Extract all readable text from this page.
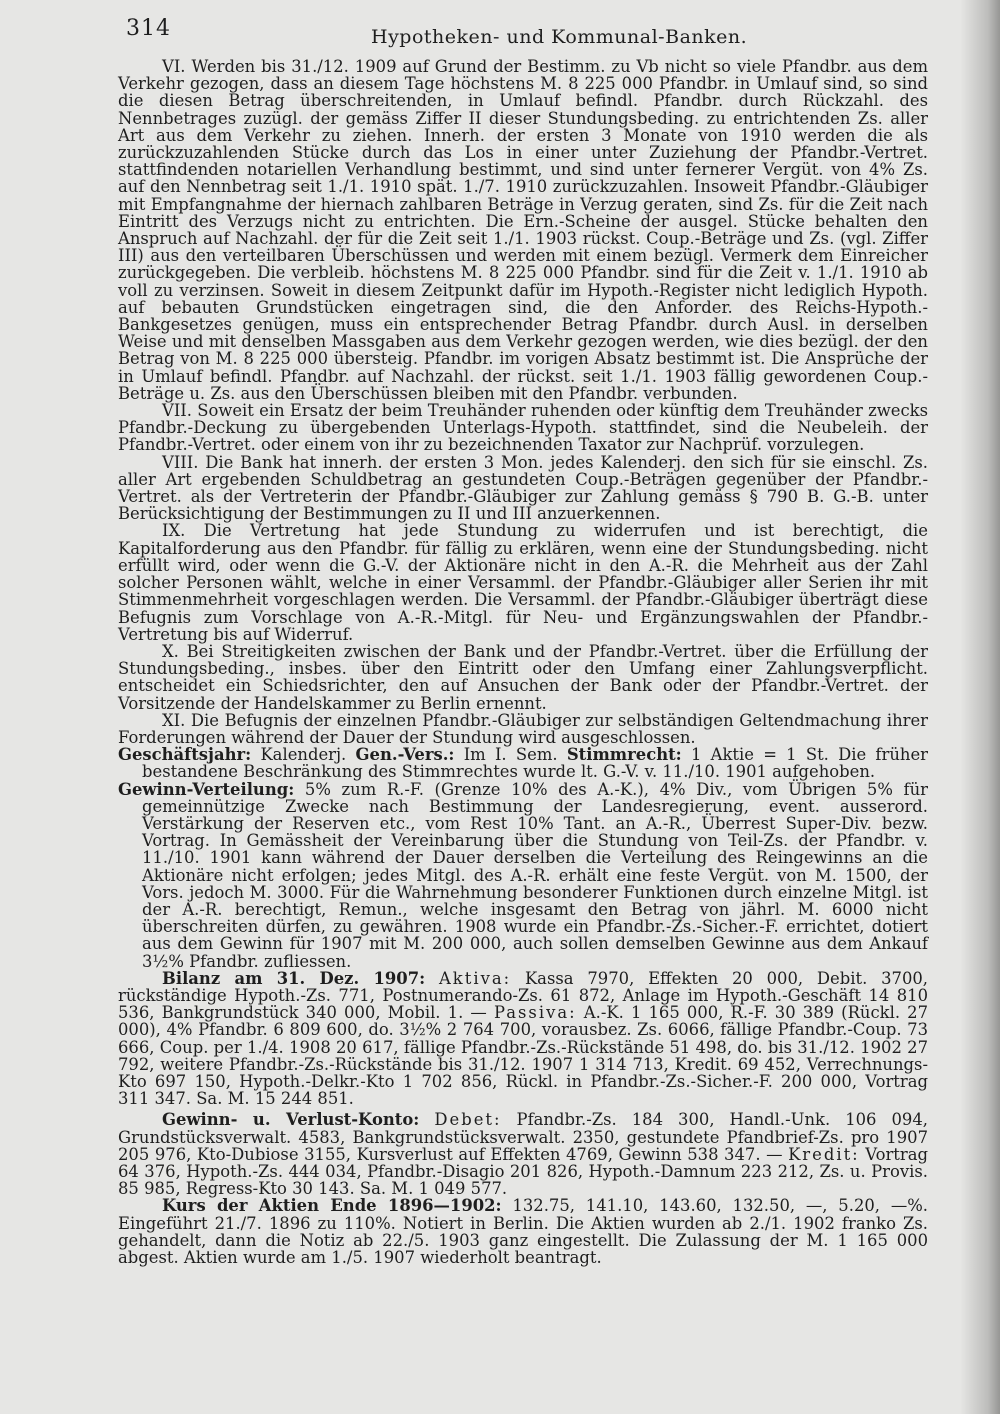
314	Hypotheken- und Kommunal-Banken.

VI. Werden bis 31./12. 1909 auf Grund der Bestimm. zu Vb nicht so viele Pfandbr. aus dem Verkehr gezogen, dass an diesem Tage höchstens M. 8 225 000 Pfandbr. in Umlauf sind, so sind die diesen Betrag überschreitenden, in Umlauf befindl. Pfandbr. durch Rückzahl. des Nennbetrages zuzügl. der gemäss Ziffer II dieser Stundungsbeding. zu entrichtenden Zs. aller Art aus dem Verkehr zu ziehen. Innerh. der ersten 3 Monate von 1910 werden die als zurückzuzahlenden Stücke durch das Los in einer unter Zuziehung der Pfandbr.-Vertret. stattfindenden notariellen Verhandlung bestimmt, und sind unter fernerer Vergüt. von 4% Zs. auf den Nennbetrag seit 1./1. 1910 spät. 1./7. 1910 zurückzuzahlen. Insoweit Pfandbr.-Gläubiger mit Empfangnahme der hiernach zahlbaren Beträge in Verzug geraten, sind Zs. für die Zeit nach Eintritt des Verzugs nicht zu entrichten. Die Ern.-Scheine der ausgel. Stücke behalten den Anspruch auf Nachzahl. der für die Zeit seit 1./1. 1903 rückst. Coup.-Beträge und Zs. (vgl. Ziffer III) aus den verteilbaren Überschüssen und werden mit einem bezügl. Vermerk dem Einreicher zurückgegeben. Die verbleib. höchstens M. 8 225 000 Pfandbr. sind für die Zeit v. 1./1. 1910 ab voll zu verzinsen. Soweit in diesem Zeitpunkt dafür im Hypoth.-Register nicht lediglich Hypoth. auf bebauten Grundstücken eingetragen sind, die den Anforder. des Reichs-Hypoth.-Bankgesetzes genügen, muss ein entsprechender Betrag Pfandbr. durch Ausl. in derselben Weise und mit denselben Massgaben aus dem Verkehr gezogen werden, wie dies bezügl. der den Betrag von M. 8 225 000 übersteig. Pfandbr. im vorigen Absatz bestimmt ist. Die Ansprüche der in Umlauf befindl. Pfandbr. auf Nachzahl. der rückst. seit 1./1. 1903 fällig gewordenen Coup.-Beträge u. Zs. aus den Überschüssen bleiben mit den Pfandbr. verbunden.

VII. Soweit ein Ersatz der beim Treuhänder ruhenden oder künftig dem Treuhänder zwecks Pfandbr.-Deckung zu übergebenden Unterlags-Hypoth. stattfindet, sind die Neubeleih. der Pfandbr.-Vertret. oder einem von ihr zu bezeichnenden Taxator zur Nachprüf. vorzulegen.

VIII. Die Bank hat innerh. der ersten 3 Mon. jedes Kalenderj. den sich für sie einschl. Zs. aller Art ergebenden Schuldbetrag an gestundeten Coup.-Beträgen gegenüber der Pfandbr.-Vertret. als der Vertreterin der Pfandbr.-Gläubiger zur Zahlung gemäss § 790 B. G.-B. unter Berücksichtigung der Bestimmungen zu II und III anzuerkennen.

IX. Die Vertretung hat jede Stundung zu widerrufen und ist berechtigt, die Kapitalforderung aus den Pfandbr. für fällig zu erklären, wenn eine der Stundungsbeding. nicht erfüllt wird, oder wenn die G.-V. der Aktionäre nicht in den A.-R. die Mehrheit aus der Zahl solcher Personen wählt, welche in einer Versamml. der Pfandbr.-Gläubiger aller Serien ihr mit Stimmenmehrheit vorgeschlagen werden. Die Versamml. der Pfandbr.-Gläubiger überträgt diese Befugnis zum Vorschlage von A.-R.-Mitgl. für Neu- und Ergänzungswahlen der Pfandbr.-Vertretung bis auf Widerruf.

X. Bei Streitigkeiten zwischen der Bank und der Pfandbr.-Vertret. über die Erfüllung der Stundungsbeding., insbes. über den Eintritt oder den Umfang einer Zahlungsverpflicht. entscheidet ein Schiedsrichter, den auf Ansuchen der Bank oder der Pfandbr.-Vertret. der Vorsitzende der Handelskammer zu Berlin ernennt.

XI. Die Befugnis der einzelnen Pfandbr.-Gläubiger zur selbständigen Geltendmachung ihrer Forderungen während der Dauer der Stundung wird ausgeschlossen.

Geschäftsjahr: Kalenderj. Gen.-Vers.: Im I. Sem. Stimmrecht: 1 Aktie = 1 St. Die früher bestandene Beschränkung des Stimmrechtes wurde lt. G.-V. v. 11./10. 1901 aufgehoben.

Gewinn-Verteilung: 5% zum R.-F. (Grenze 10% des A.-K.), 4% Div., vom Übrigen 5% für gemeinnützige Zwecke nach Bestimmung der Landesregierung, event. ausserord. Verstärkung der Reserven etc., vom Rest 10% Tant. an A.-R., Überrest Super-Div. bezw. Vortrag. In Gemässheit der Vereinbarung über die Stundung von Teil-Zs. der Pfandbr. v. 11./10. 1901 kann während der Dauer derselben die Verteilung des Reingewinns an die Aktionäre nicht erfolgen; jedes Mitgl. des A.-R. erhält eine feste Vergüt. von M. 1500, der Vors. jedoch M. 3000. Für die Wahrnehmung besonderer Funktionen durch einzelne Mitgl. ist der A.-R. berechtigt, Remun., welche insgesamt den Betrag von jährl. M. 6000 nicht überschreiten dürfen, zu gewähren. 1908 wurde ein Pfandbr.-Zs.-Sicher.-F. errichtet, dotiert aus dem Gewinn für 1907 mit M. 200 000, auch sollen demselben Gewinne aus dem Ankauf 3½% Pfandbr. zufliessen.

Bilanz am 31. Dez. 1907: Aktiva: Kassa 7970, Effekten 20 000, Debit. 3700, rückständige Hypoth.-Zs. 771, Postnumerando-Zs. 61 872, Anlage im Hypoth.-Geschäft 14 810 536, Bankgrundstück 340 000, Mobil. 1. — Passiva: A.-K. 1 165 000, R.-F. 30 389 (Rückl. 27 000), 4% Pfandbr. 6 809 600, do. 3½% 2 764 700, vorausbez. Zs. 6066, fällige Pfandbr.-Coup. 73 666, Coup. per 1./4. 1908 20 617, fällige Pfandbr.-Zs.-Rückstände 51 498, do. bis 31./12. 1902 27 792, weitere Pfandbr.-Zs.-Rückstände bis 31./12. 1907 1 314 713, Kredit. 69 452, Verrechnungs-Kto 697 150, Hypoth.-Delkr.-Kto 1 702 856, Rückl. in Pfandbr.-Zs.-Sicher.-F. 200 000, Vortrag 311 347. Sa. M. 15 244 851.

Gewinn- u. Verlust-Konto: Debet: Pfandbr.-Zs. 184 300, Handl.-Unk. 106 094, Grundstücksverwalt. 4583, Bankgrundstücksverwalt. 2350, gestundete Pfandbrief-Zs. pro 1907 205 976, Kto-Dubiose 3155, Kursverlust auf Effekten 4769, Gewinn 538 347. — Kredit: Vortrag 64 376, Hypoth.-Zs. 444 034, Pfandbr.-Disagio 201 826, Hypoth.-Damnum 223 212, Zs. u. Provis. 85 985, Regress-Kto 30 143. Sa. M. 1 049 577.

Kurs der Aktien Ende 1896—1902: 132.75, 141.10, 143.60, 132.50, —, 5.20, —%. Eingeführt 21./7. 1896 zu 110%. Notiert in Berlin. Die Aktien wurden ab 2./1. 1902 franko Zs. gehandelt, dann die Notiz ab 22./5. 1903 ganz eingestellt. Die Zulassung der M. 1 165 000 abgest. Aktien wurde am 1./5. 1907 wiederholt beantragt.
